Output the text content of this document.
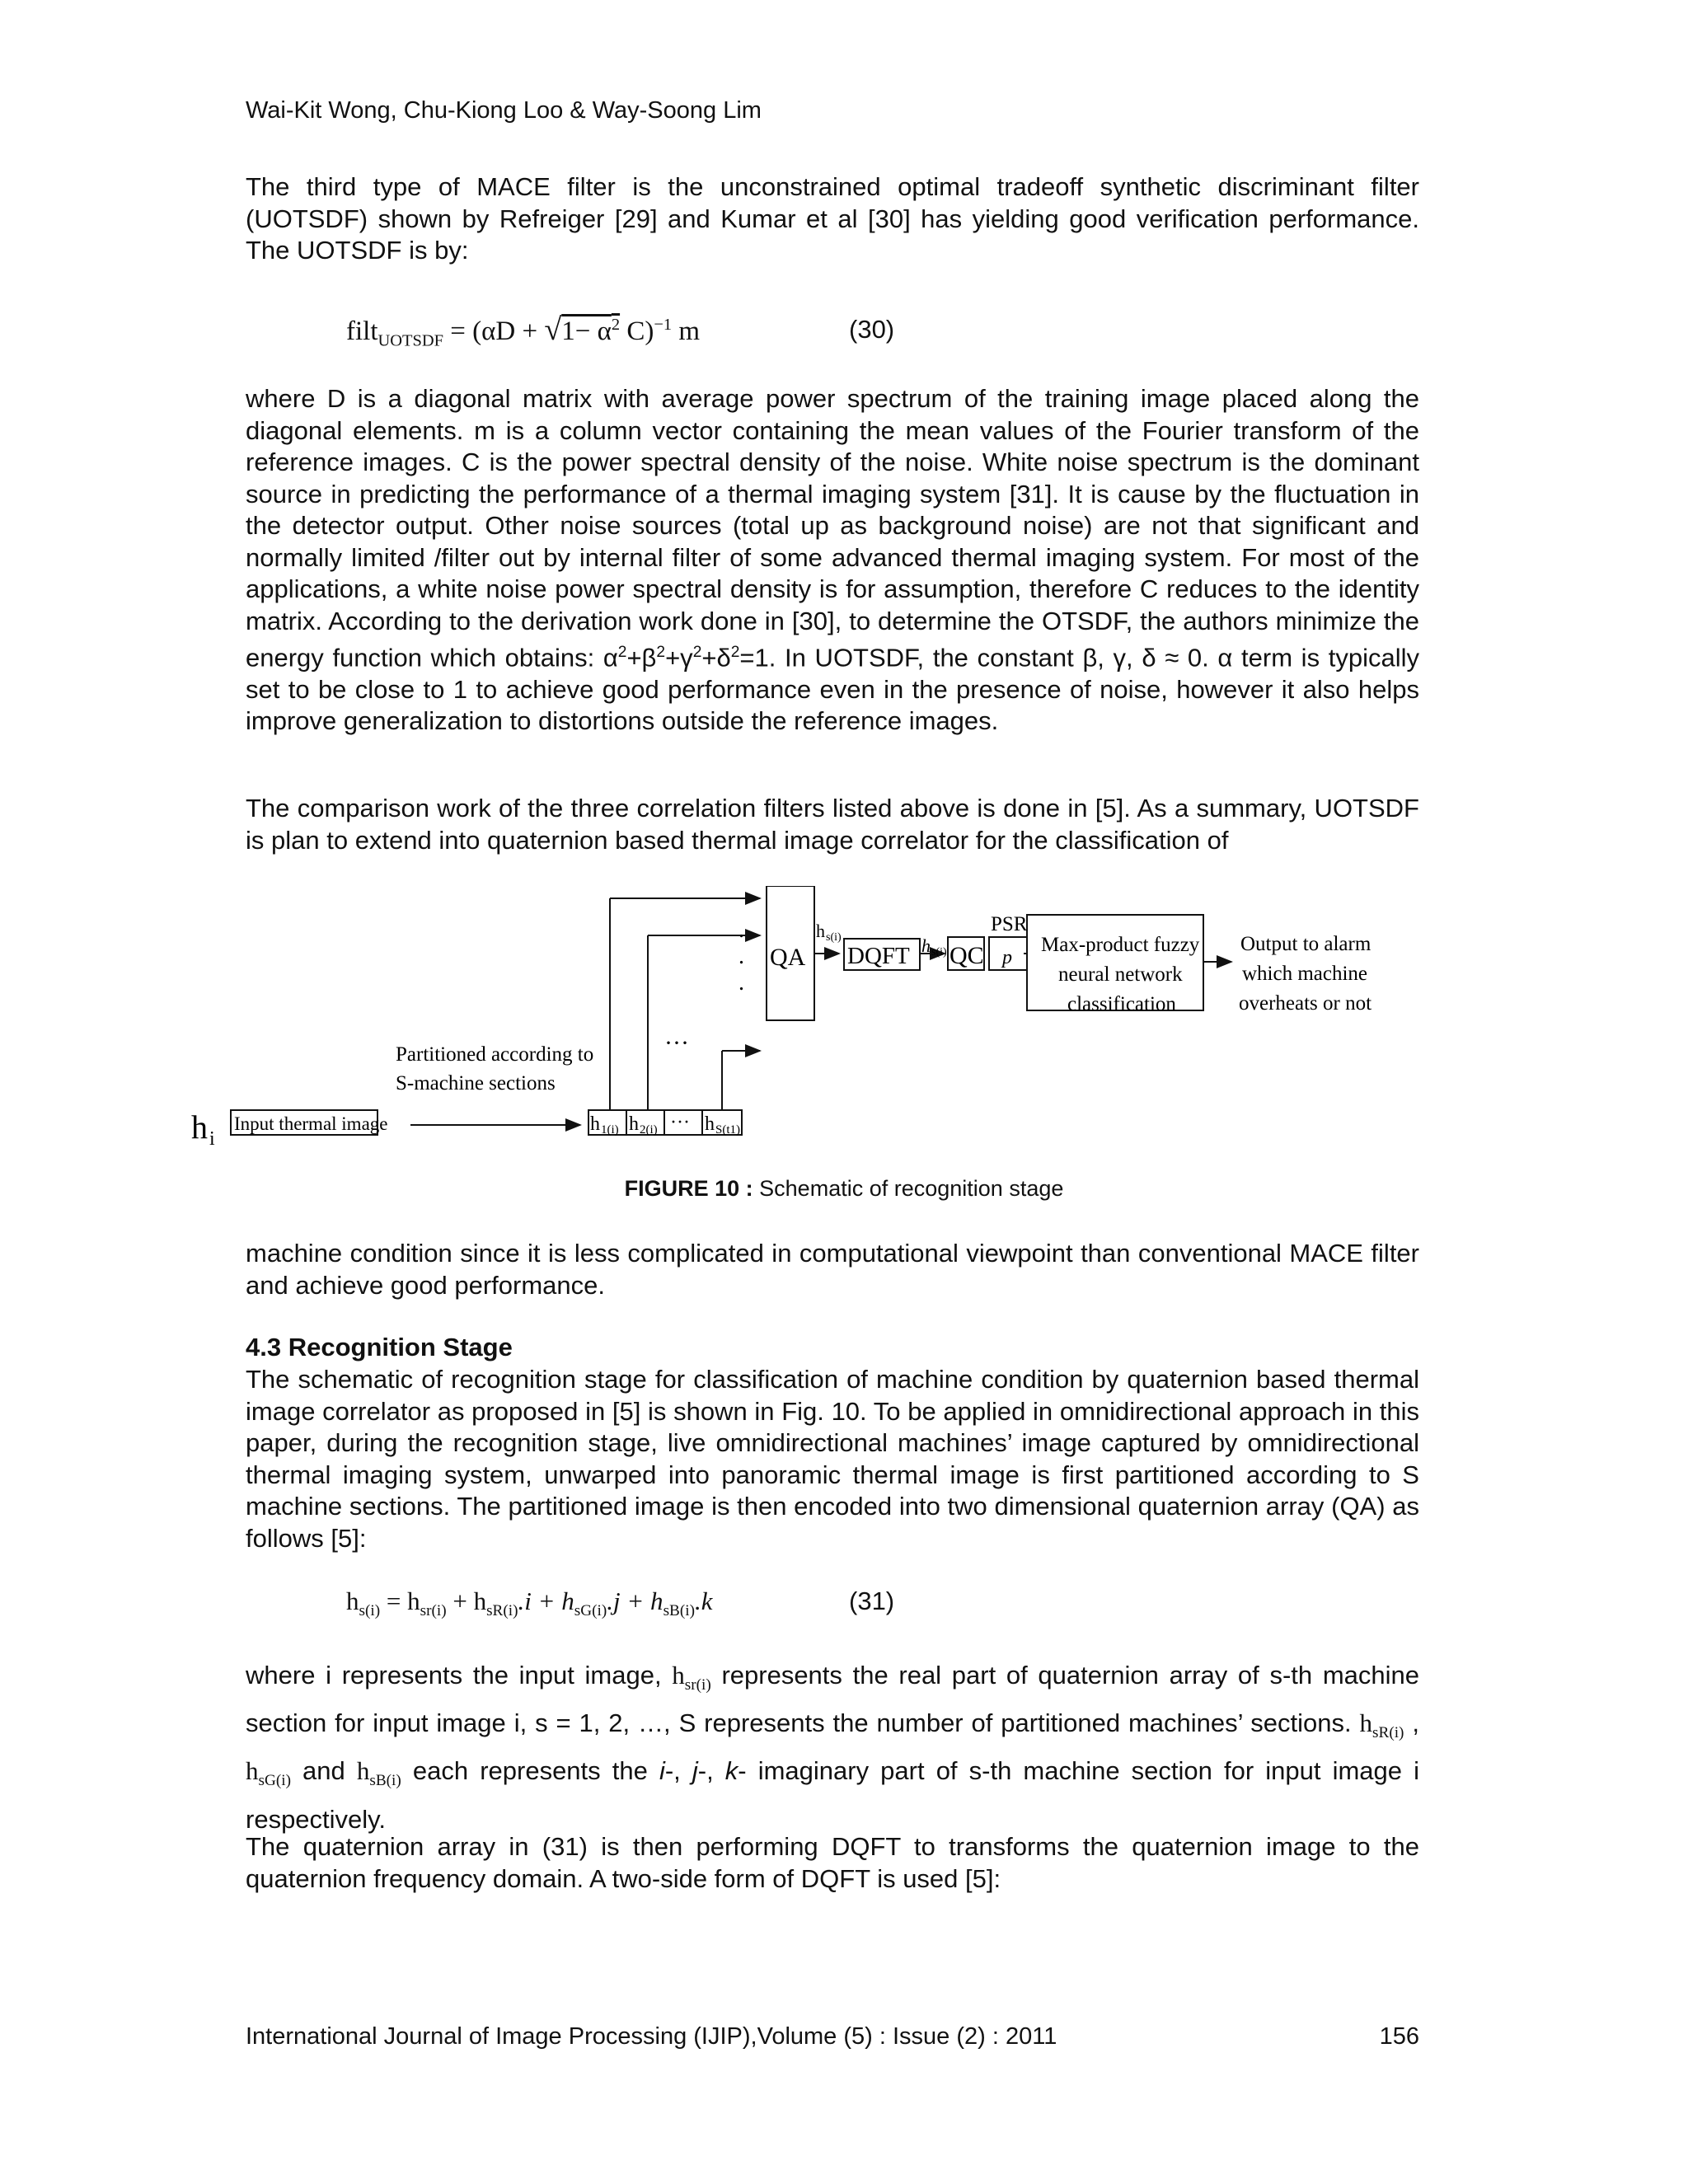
Wai-Kit Wong, Chu-Kiong Loo & Way-Soong Lim

The third type of MACE filter is the unconstrained optimal tradeoff synthetic discriminant filter (UOTSDF) shown by Refreiger [29] and Kumar et al [30] has yielding good verification performance. The UOTSDF is by:

filt$_{UOTSDF}$ = ($\alpha D + √1- \alpha^2$ C)$^{-1}$ m	(30)

where D is a diagonal matrix with average power spectrum of the training image placed along the diagonal elements. m is a column vector containing the mean values of the Fourier transform of the reference images. C is the power spectral density of the noise. White noise spectrum is the dominant source in predicting the performance of a thermal imaging system [31]. It is cause by the fluctuation in the detector output. Other noise sources (total up as background noise) are not that significant and normally limited /filter out by internal filter of some advanced thermal imaging system. For most of the applications, a white noise power spectral density is for assumption, therefore C reduces to the identity matrix. According to the derivation work done in [30], to determine the OTSDF, the authors minimize the energy function which obtains: $\alpha^2+\beta^2+\gamma^2+\delta^2=1$. In UOTSDF, the constant β, γ, δ ≈ 0. α term is typically set to be close to 1 to achieve good performance even in the presence of noise, however it also helps improve generalization to distortions outside the reference images.

The comparison work of the three correlation filters listed above is done in [5]. As a summary, UOTSDF is plan to extend into quaternion based thermal image correlator for the classification of

h i
Input thermal image
Partitioned according to
S-machine sections
h 1(i) h 2(i) ··· h S(t1)
···
.
.
.
QA
h s(i)
DQFT h s(i) QC
PSR
p
Max-product fuzzy
neural network
classification
Output to alarm
which machine
overheats or not
FIGURE 10 : Schematic of recognition stage

machine condition since it is less complicated in computational viewpoint than conventional MACE filter and achieve good performance.

4.3 Recognition Stage

The schematic of recognition stage for classification of machine condition by quaternion based thermal image correlator as proposed in [5] is shown in Fig. 10. To be applied in omnidirectional approach in this paper, during the recognition stage, live omnidirectional machines’ image captured by omnidirectional thermal imaging system, unwarped into panoramic thermal image is first partitioned according to S machine sections. The partitioned image is then encoded into two dimensional quaternion array (QA) as follows [5]:

$h_{s(i)} = h_{sr(i)} + h_{sR(i)}.i + h_{sG(i)}.j + h_{sB(i)}.k$	(31)

where i represents the input image, $h_{sr(i)}$ represents the real part of quaternion array of s-th machine section for input image i, s = 1, 2, …, S represents the number of partitioned machines’ sections. $h_{sR(i)}$ , $h_{sG(i)}$ and $h_{sB(i)}$ each represents the i-, j-, k- imaginary part of s-th machine section for input image i respectively.

The quaternion array in (31) is then performing DQFT to transforms the quaternion image to the quaternion frequency domain. A two-side form of DQFT is used [5]:

International Journal of Image Processing (IJIP),Volume (5) : Issue (2) : 2011	156
